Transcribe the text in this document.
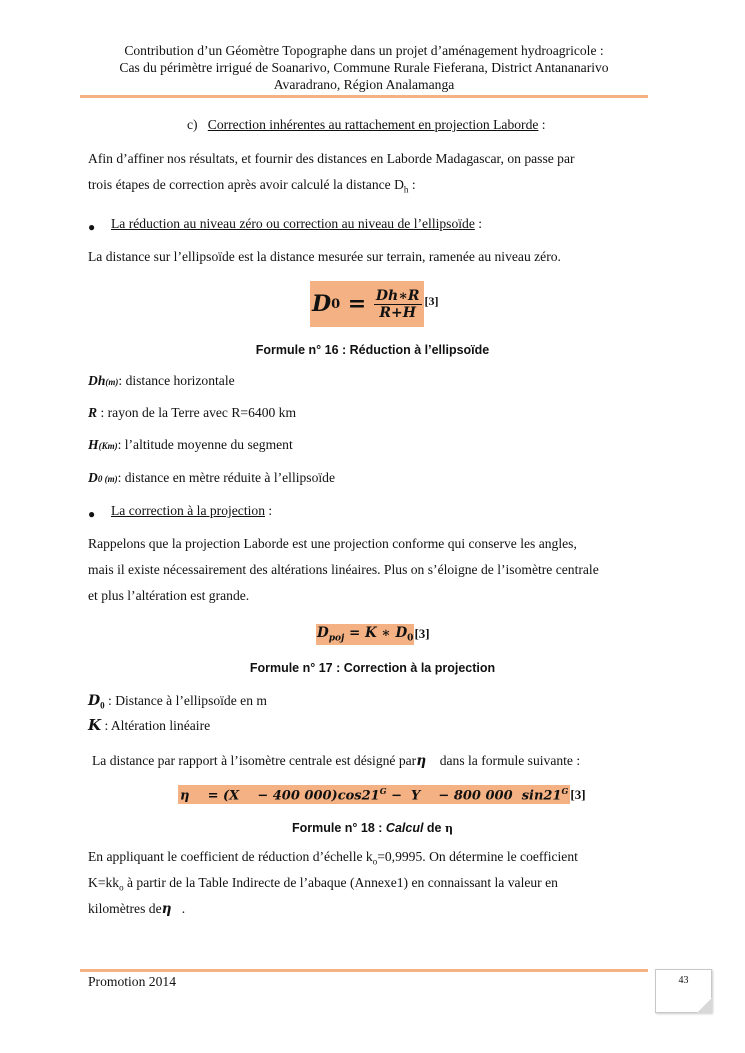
Contribution d’un Géomètre Topographe dans un projet d’aménagement hydroagricole :
Cas du périmètre irrigué de Soanarivo, Commune Rurale Fieferana, District Antananarivo
Avaradrano, Région Analamanga
c) Correction inhérentes au rattachement en projection Laborde :
Afin d’affiner nos résultats, et fournir des distances en Laborde Madagascar, on passe par
trois étapes de correction après avoir calculé la distance $D_h$ :
● La réduction au niveau zéro ou correction au niveau de l’ellipsoïde :
La distance sur l’ellipsoïde est la distance mesurée sur terrain, ramenée au niveau zéro.
D $0 = \frac{Dh∗R}{R+H} [3]$
Formule n° 16 : Réduction à l’ellipsoïde
Dh(m): distance horizontale
R : rayon de la Terre avec R=6400 km
H(Km): l’altitude moyenne du segment
D0 (m): distance en mètre réduite à l’ellipsoïde
● La correction à la projection :
Rappelons que la projection Laborde est une projection conforme qui conserve les angles,
mais il existe nécessairement des altérations linéaires. Plus on s’éloigne de l’isomètre centrale
et plus l’altération est grande.
$D_{poj} = K$ ∗ $D_0$ [3]
Formule n° 17 : Correction à la projection
$D_0$ : Distance à l’ellipsoïde en m
K : Altération linéaire
La distance par rapport à l’isomètre centrale est désigné parη dans la formule suivante :
η = (X − 400 $000)\cos 21^G - Y - 800$ 000 $\sin 21^G$ [3]
Formule n° 18 : Calcul de η
En appliquant le coefficient de réduction d’échelle $k_o=0,9995$. On détermine le coefficient
$K=kk_o$ à partir de la Table Indirecte de l’abaque (Annexe1) en connaissant la valeur en
kilomètres deη .
Promotion 2014	43
